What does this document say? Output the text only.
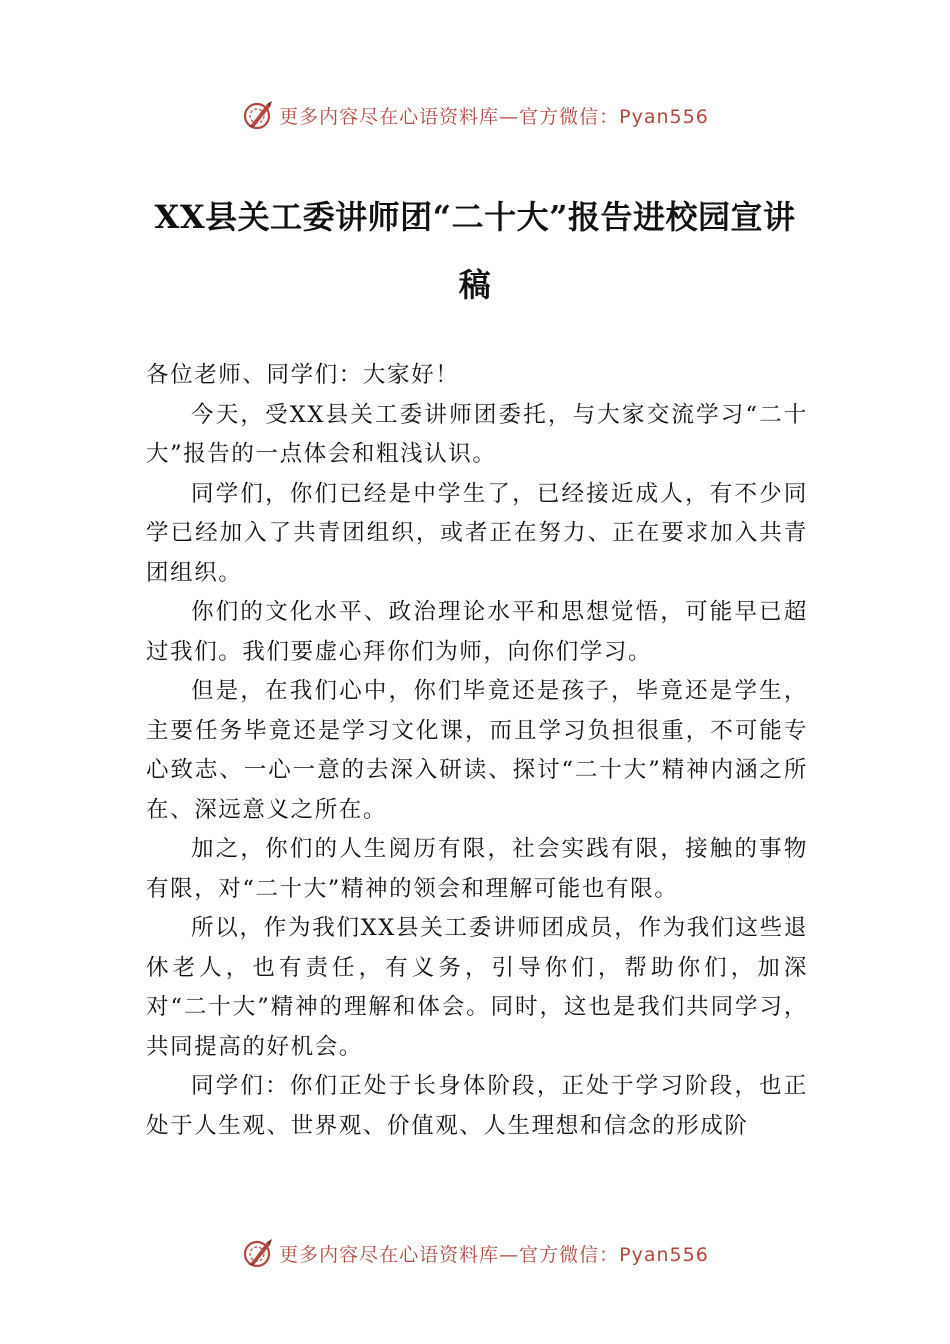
更多内容尽在心语资料库—官方微信：Pyan556
XX县关工委讲师团“二十大”报告进校园宣讲稿

各位老师、同学们：大家好！

今天，受XX县关工委讲师团委托，与大家交流学习“二十大”报告的一点体会和粗浅认识。

同学们，你们已经是中学生了，已经接近成人，有不少同学已经加入了共青团组织，或者正在努力、正在要求加入共青团组织。

你们的文化水平、政治理论水平和思想觉悟，可能早已超过我们。我们要虚心拜你们为师，向你们学习。

但是，在我们心中，你们毕竟还是孩子，毕竟还是学生，主要任务毕竟还是学习文化课，而且学习负担很重，不可能专心致志、一心一意的去深入研读、探讨“二十大”精神内涵之所在、深远意义之所在。

加之，你们的人生阅历有限，社会实践有限，接触的事物有限，对“二十大”精神的领会和理解可能也有限。

所以，作为我们XX县关工委讲师团成员，作为我们这些退休老人，也有责任，有义务，引导你们，帮助你们，加深对“二十大”精神的理解和体会。同时，这也是我们共同学习，共同提高的好机会。

同学们：你们正处于长身体阶段，正处于学习阶段，也正处于人生观、世界观、价值观、人生理想和信念的形成阶

更多内容尽在心语资料库—官方微信：Pyan556
